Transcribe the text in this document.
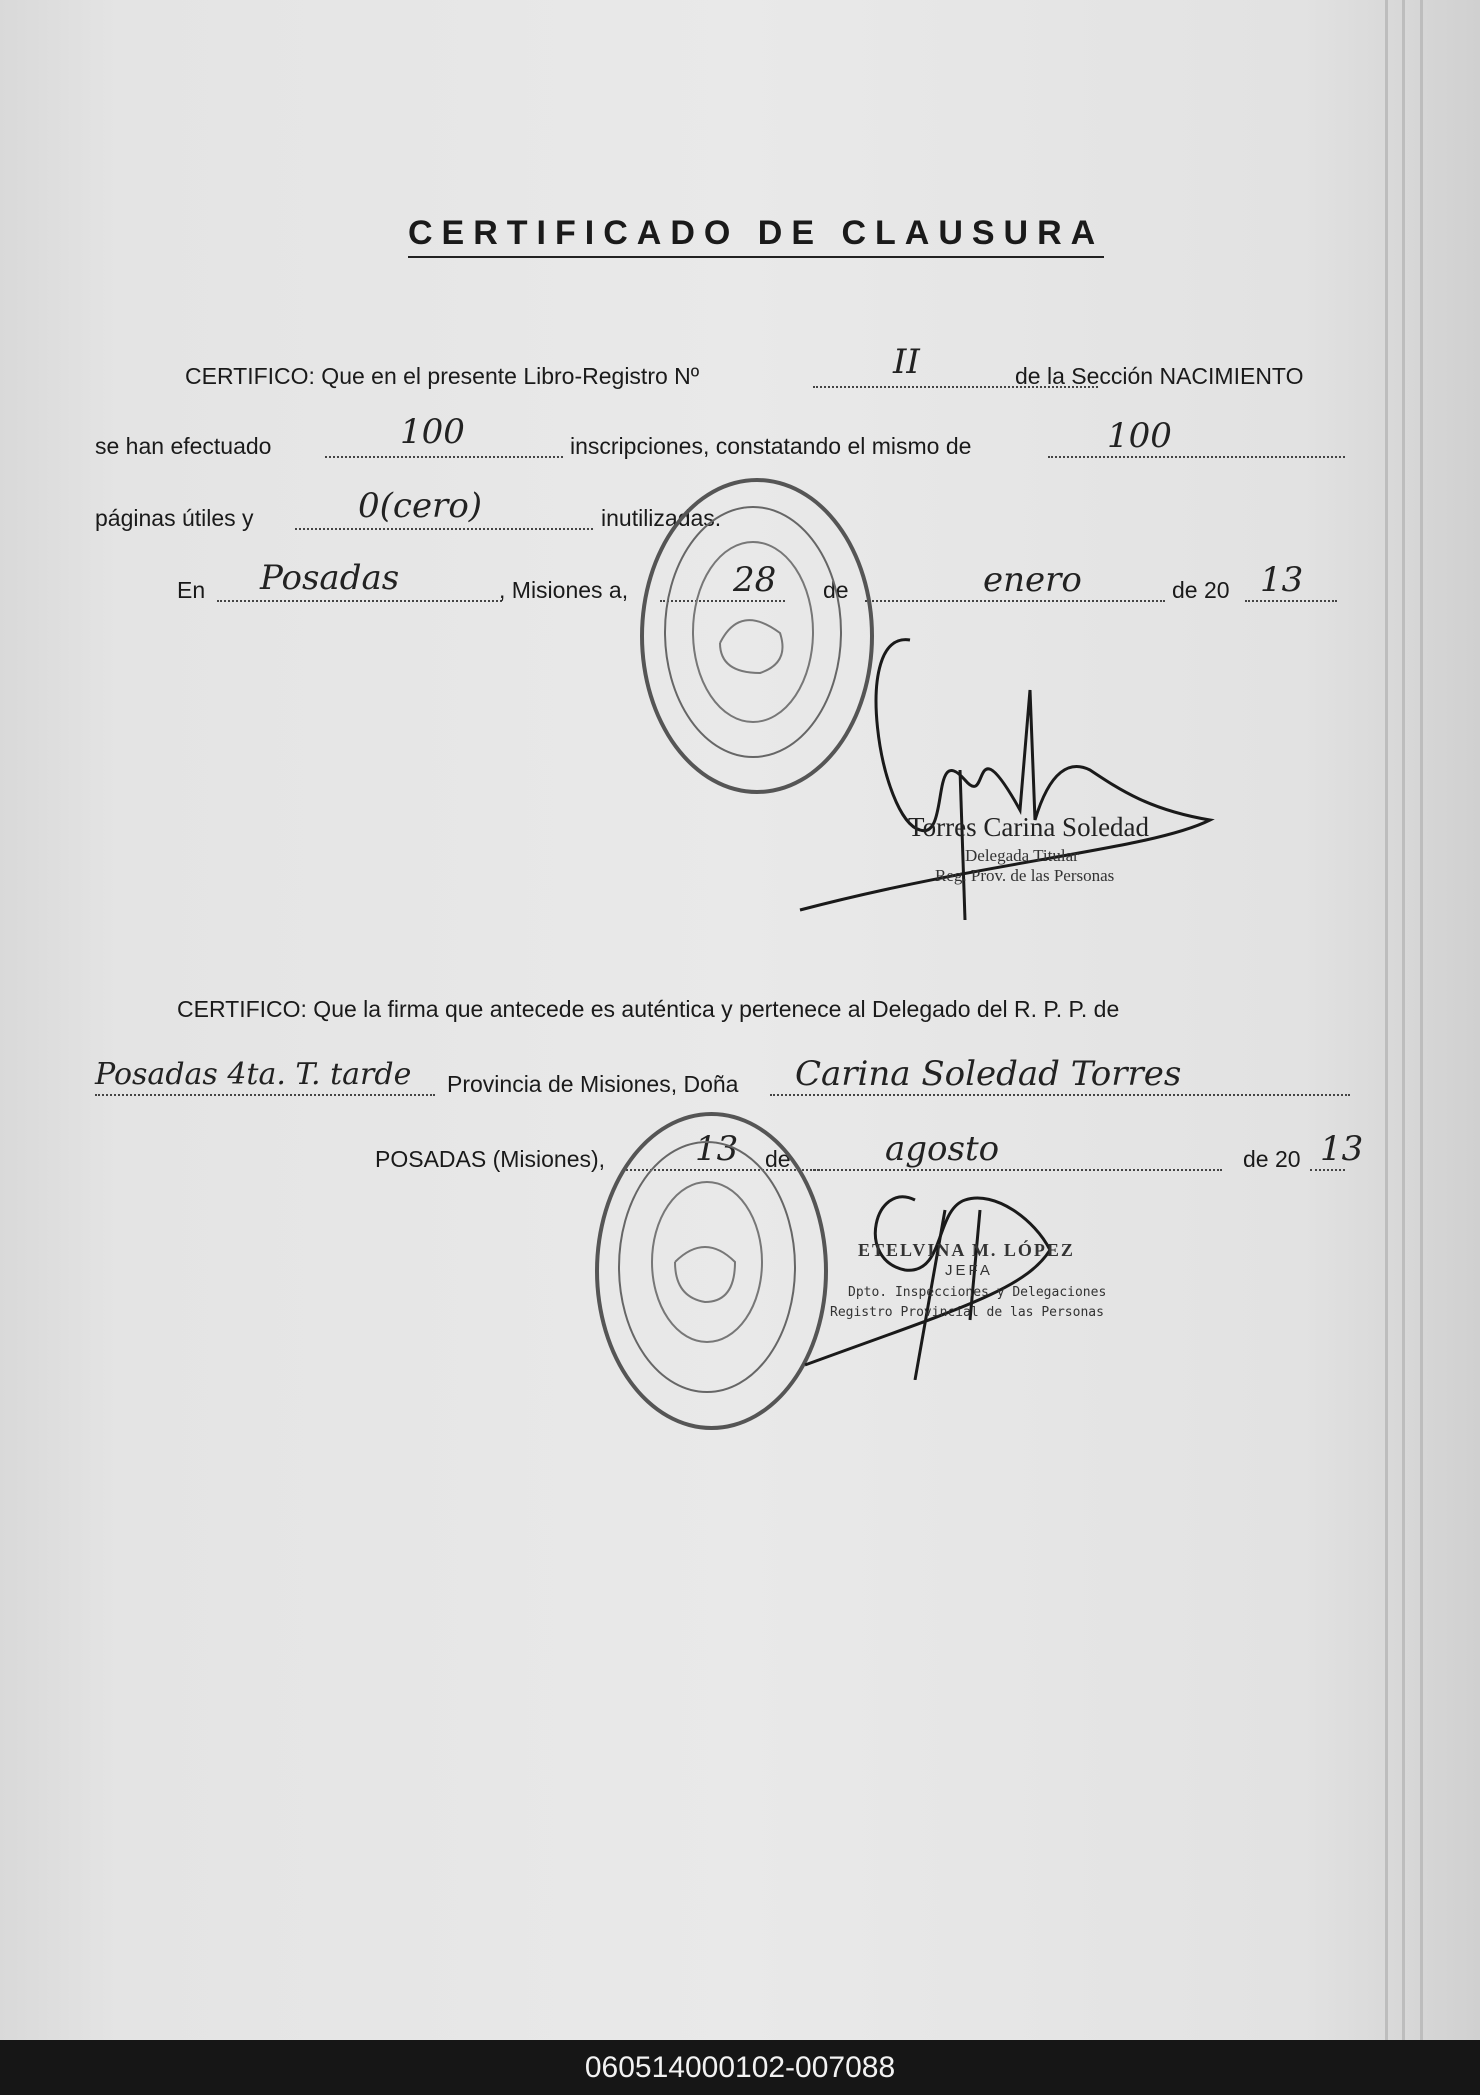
CERTIFICADO DE CLAUSURA
CERTIFICO: Que en el presente Libro-Registro Nº	II	de la Sección NACIMIENTO
se han efectuado	100	inscripciones, constatando el mismo de	100
páginas útiles y	0(cero)	inutilizadas.
En Posadas	, Misiones a,	28 de	enero	de 20 13
Torres Carina Soledad
Delegada Titular
Reg. Prov. de las Personas
CERTIFICO: Que la firma que antecede es auténtica y pertenece al Delegado del R. P. P. de
Posadas 4ta. T. tarde Provincia de Misiones, Doña Carina Soledad Torres
POSADAS (Misiones),	13 de	agosto	de 20 13
ETELVINA M. LÓPEZ
JEFA
Dpto. Inspecciones y Delegaciones
Registro Provincial de las Personas
060514000102-007088
